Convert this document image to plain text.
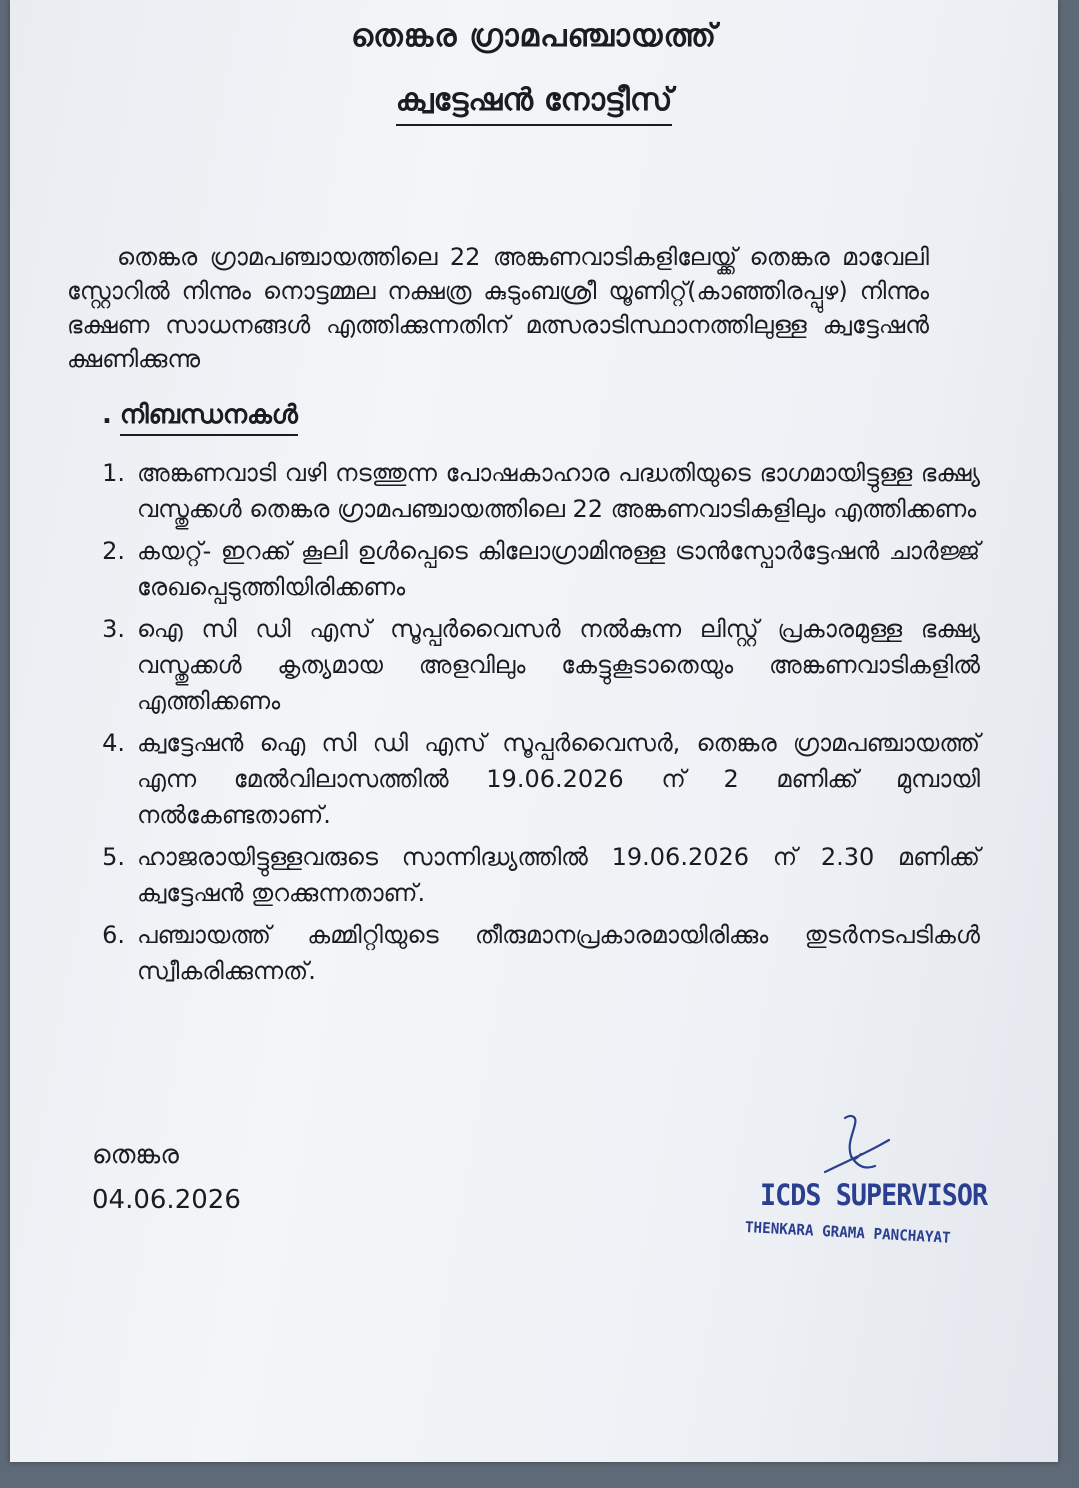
തെങ്കര ഗ്രാമപഞ്ചായത്ത്
ക്വട്ടേഷൻ നോട്ടീസ്
തെങ്കര ഗ്രാമപഞ്ചായത്തിലെ 22 അങ്കണവാടികളിലേയ്ക്ക് തെങ്കര മാവേലി സ്റ്റോറിൽ നിന്നും നൊട്ടമ്മല നക്ഷത്ര കുടുംബശ്രീ യൂണിറ്റ്(കാഞ്ഞിരപ്പുഴ) നിന്നും ഭക്ഷണ സാധനങ്ങൾ എത്തിക്കുന്നതിന് മത്സരാടിസ്ഥാനത്തിലുള്ള ക്വട്ടേഷൻ ക്ഷണിക്കുന്നു
. നിബന്ധനകൾ
1. അങ്കണവാടി വഴി നടത്തുന്ന പോഷകാഹാര പദ്ധതിയുടെ ഭാഗമായിട്ടുള്ള ഭക്ഷ്യ വസ്തുക്കൾ തെങ്കര ഗ്രാമപഞ്ചായത്തിലെ 22 അങ്കണവാടികളിലും എത്തിക്കണം
2. കയറ്റ്- ഇറക്ക് കൂലി ഉൾപ്പെടെ കിലോഗ്രാമിനുള്ള ട്രാൻസ്പോർട്ടേഷൻ ചാർജ്ജ് രേഖപ്പെടുത്തിയിരിക്കണം
3. ഐ സി ഡി എസ് സൂപ്പർവൈസർ നൽകുന്ന ലിസ്റ്റ് പ്രകാരമുള്ള ഭക്ഷ്യ വസ്തുക്കൾ കൃത്യമായ അളവിലും കേട്ടുകൂടാതെയും അങ്കണവാടികളിൽ എത്തിക്കണം
4. ക്വട്ടേഷൻ ഐ സി ഡി എസ് സൂപ്പർവൈസർ, തെങ്കര ഗ്രാമപഞ്ചായത്ത് എന്ന മേൽവിലാസത്തിൽ 19.06.2026 ന് 2 മണിക്ക് മുമ്പായി നൽകേണ്ടതാണ്.
5. ഹാജരായിട്ടുള്ളവരുടെ സാന്നിദ്ധ്യത്തിൽ 19.06.2026 ന് 2.30 മണിക്ക് ക്വട്ടേഷൻ തുറക്കുന്നതാണ്.
6. പഞ്ചായത്ത് കമ്മിറ്റിയുടെ തീരുമാനപ്രകാരമായിരിക്കും തുടർനടപടികൾ സ്വീകരിക്കുന്നത്.
തെങ്കര
04.06.2026	ICDS SUPERVISOR
THENKARA GRAMA PANCHAYAT
